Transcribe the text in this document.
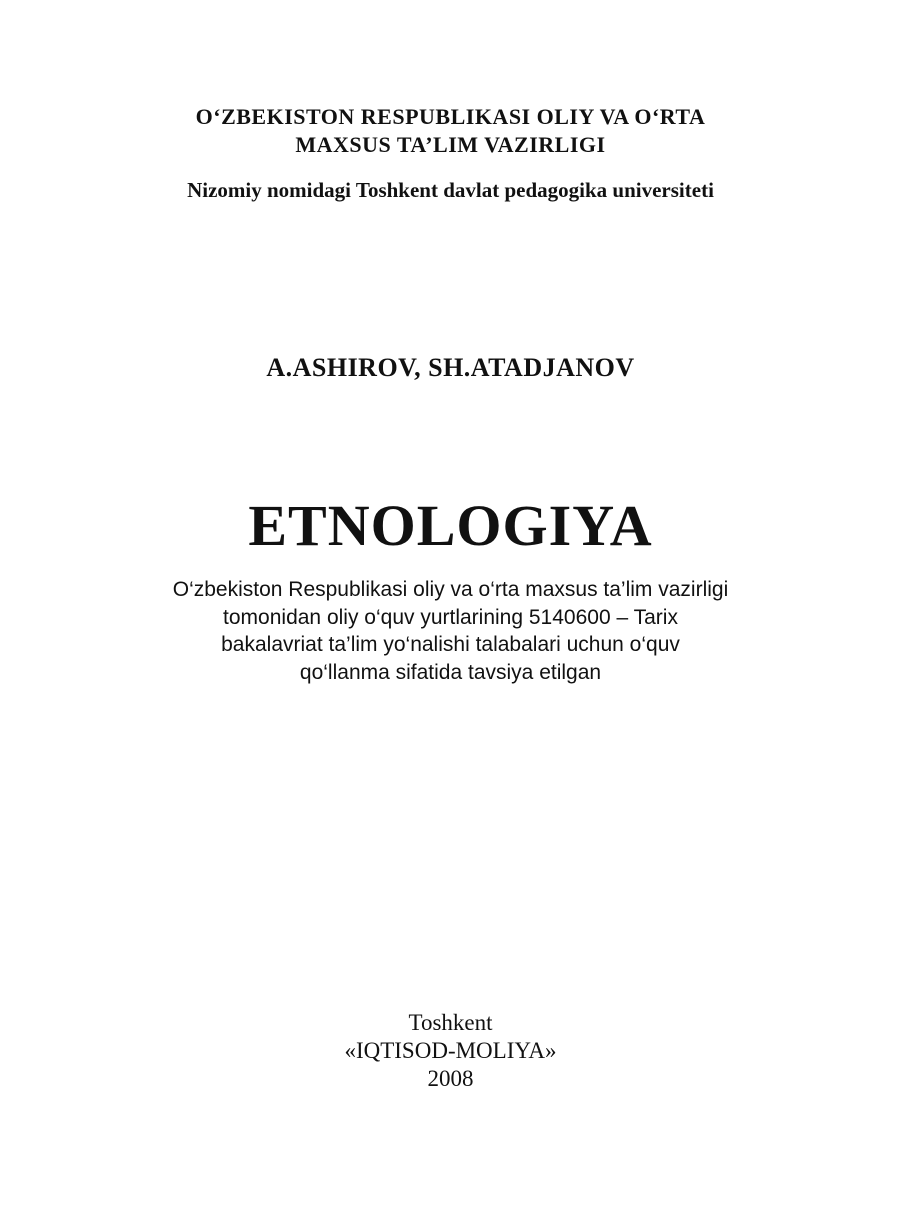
O‘ZBEKISTON RESPUBLIKASI OLIY VA O‘RTA
MAXSUS TA’LIM VAZIRLIGI
Nizomiy nomidagi Toshkent davlat pedagogika universiteti
A.ASHIROV, SH.ATADJANOV
ETNOLOGIYA
O‘zbekiston Respublikasi oliy va o‘rta maxsus ta’lim vazirligi
tomonidan oliy o‘quv yurtlarining 5140600 – Tarix
bakalavriat ta’lim yo‘nalishi talabalari uchun o‘quv
qo‘llanma sifatida tavsiya etilgan
Toshkent
«IQTISOD-MOLIYA»
2008
